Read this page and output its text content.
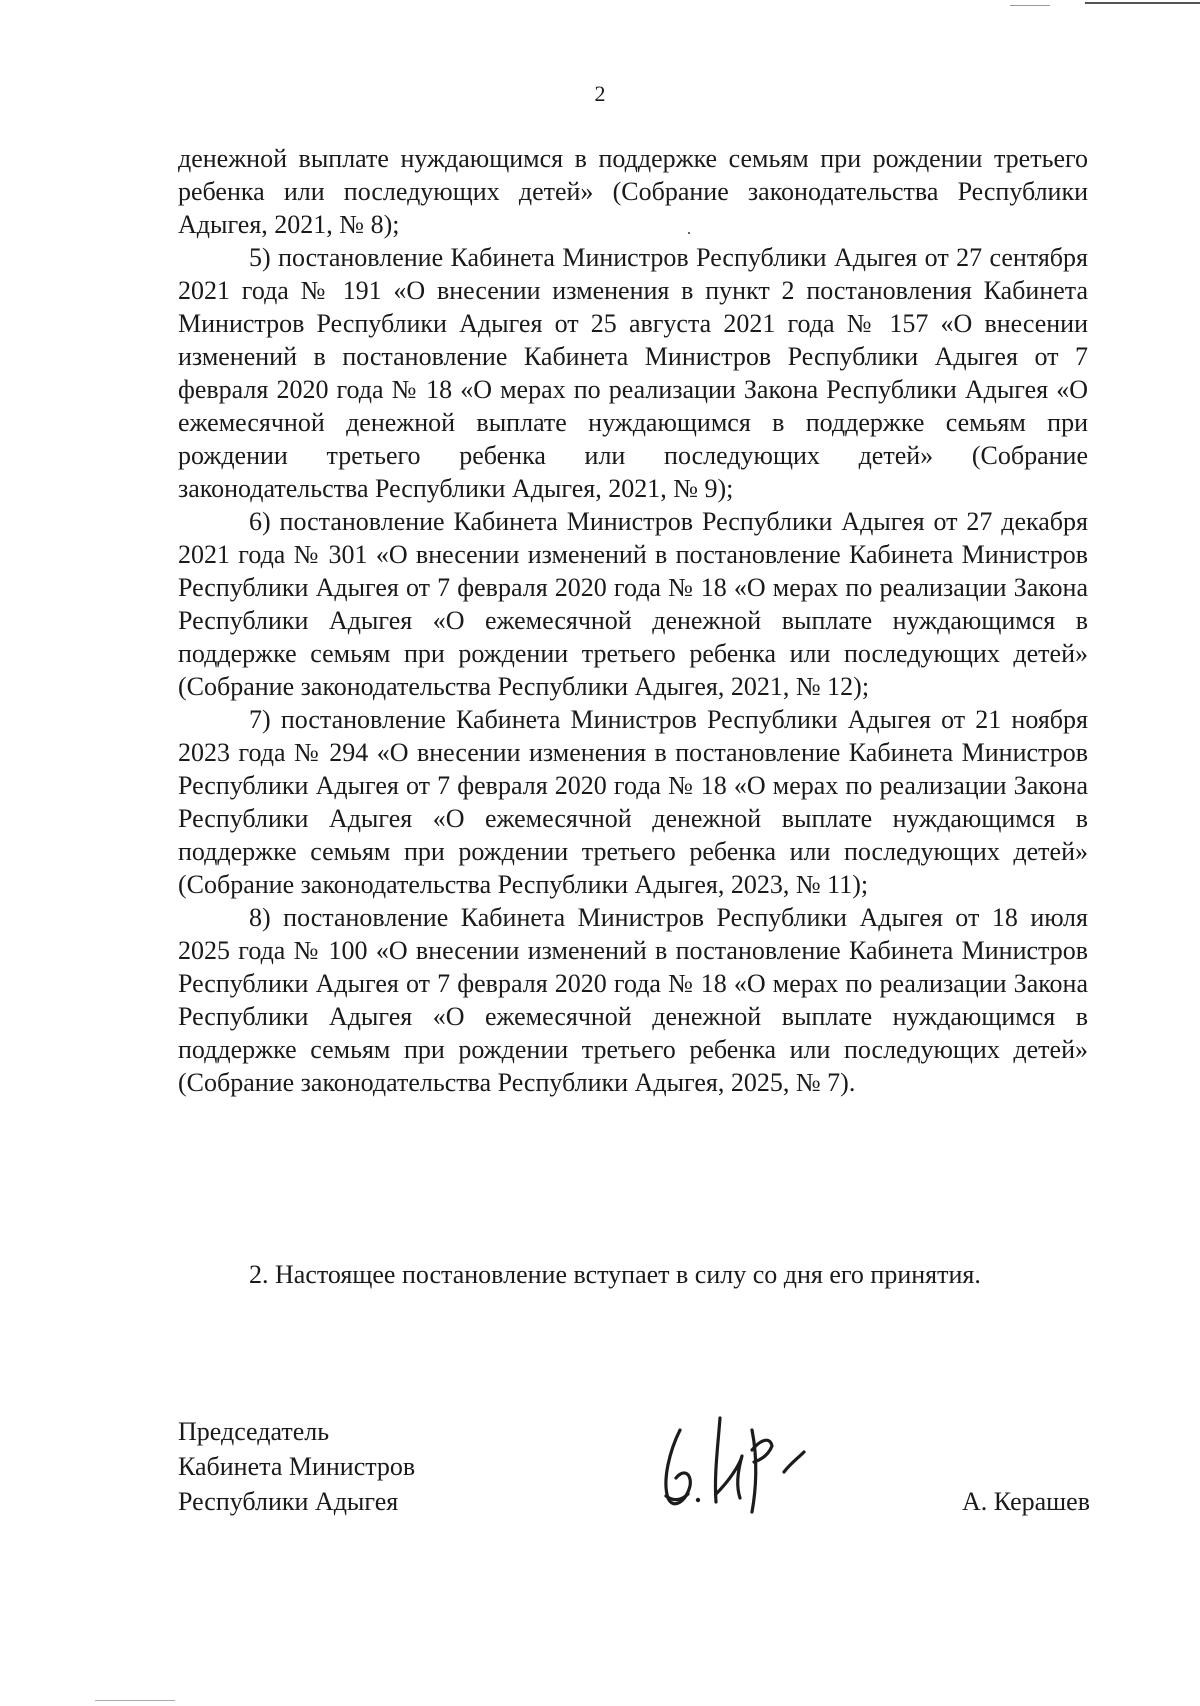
2

денежной выплате нуждающимся в поддержке семьям при рождении третьего ребенка или последующих детей» (Собрание законодательства Республики Адыгея, 2021, № 8);

5) постановление Кабинета Министров Республики Адыгея от 27 сентября 2021 года № 191 «О внесении изменения в пункт 2 постановления Кабинета Министров Республики Адыгея от 25 августа 2021 года № 157 «О внесении изменений в постановление Кабинета Министров Республики Адыгея от 7 февраля 2020 года № 18 «О мерах по реализации Закона Республики Адыгея «О ежемесячной денежной выплате нуждающимся в поддержке семьям при рождении третьего ребенка или последующих детей» (Собрание законодательства Республики Адыгея, 2021, № 9);

6) постановление Кабинета Министров Республики Адыгея от 27 декабря 2021 года № 301 «О внесении изменений в постановление Кабинета Министров Республики Адыгея от 7 февраля 2020 года № 18 «О мерах по реализации Закона Республики Адыгея «О ежемесячной денежной выплате нуждающимся в поддержке семьям при рождении третьего ребенка или последующих детей» (Собрание законодательства Республики Адыгея, 2021, № 12);

7) постановление Кабинета Министров Республики Адыгея от 21 ноября 2023 года № 294 «О внесении изменения в постановление Кабинета Министров Республики Адыгея от 7 февраля 2020 года № 18 «О мерах по реализации Закона Республики Адыгея «О ежемесячной денежной выплате нуждающимся в поддержке семьям при рождении третьего ребенка или последующих детей» (Собрание законодательства Республики Адыгея, 2023, № 11);

8) постановление Кабинета Министров Республики Адыгея от 18 июля 2025 года № 100 «О внесении изменений в постановление Кабинета Министров Республики Адыгея от 7 февраля 2020 года № 18 «О мерах по реализации Закона Республики Адыгея «О ежемесячной денежной выплате нуждающимся в поддержке семьям при рождении третьего ребенка или последующих детей» (Собрание законодательства Республики Адыгея, 2025, № 7).

2. Настоящее постановление вступает в силу со дня его принятия.

Председатель

Кабинета Министров

Республики Адыгея	А. Керашев
